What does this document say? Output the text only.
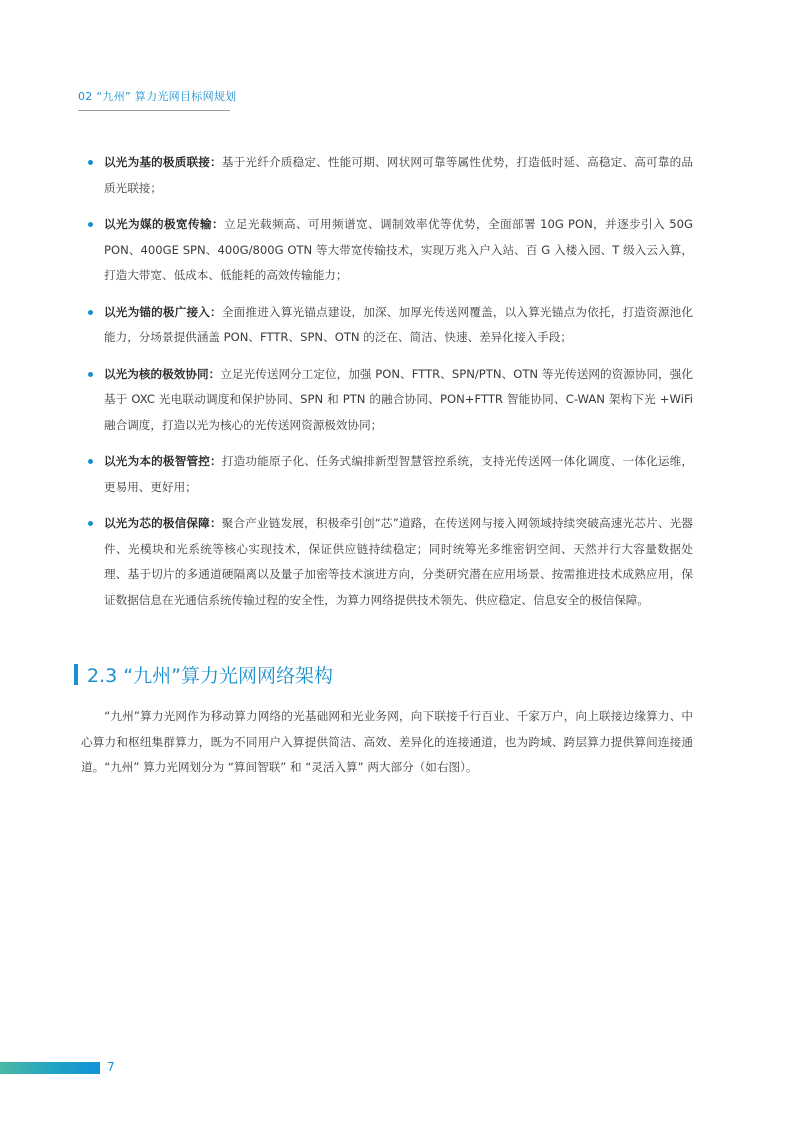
02 “九州” 算力光网目标网规划
以光为基的极质联接：基于光纤介质稳定、性能可期、网状网可靠等属性优势，打造低时延、高稳定、高可靠的品质光联接；
以光为媒的极宽传输：立足光载频高、可用频谱宽、调制效率优等优势，全面部署 10G PON，并逐步引入 50G PON、400GE SPN、400G/800G OTN 等大带宽传输技术，实现万兆入户入站、百 G 入楼入园、T 级入云入算，打造大带宽、低成本、低能耗的高效传输能力；
以光为锚的极广接入：全面推进入算光锚点建设，加深、加厚光传送网覆盖，以入算光锚点为依托，打造资源池化能力，分场景提供涵盖 PON、FTTR、SPN、OTN 的泛在、简洁、快速、差异化接入手段；
以光为核的极效协同：立足光传送网分工定位，加强 PON、FTTR、SPN/PTN、OTN 等光传送网的资源协同，强化基于 OXC 光电联动调度和保护协同、SPN 和 PTN 的融合协同、PON+FTTR 智能协同、C-WAN 架构下光 +WiFi 融合调度，打造以光为核心的光传送网资源极效协同；
以光为本的极智管控：打造功能原子化、任务式编排新型智慧管控系统，支持光传送网一体化调度、一体化运维，更易用、更好用；
以光为芯的极信保障：聚合产业链发展，积极牵引创“芯”道路，在传送网与接入网领域持续突破高速光芯片、光器件、光模块和光系统等核心实现技术，保证供应链持续稳定；同时统筹光多维密钥空间、天然并行大容量数据处理、基于切片的多通道硬隔离以及量子加密等技术演进方向，分类研究潜在应用场景、按需推进技术成熟应用，保证数据信息在光通信系统传输过程的安全性，为算力网络提供技术领先、供应稳定、信息安全的极信保障。
2.3 “九州”算力光网网络架构

“九州”算力光网作为移动算力网络的光基础网和光业务网，向下联接千行百业、千家万户，向上联接边缘算力、中心算力和枢纽集群算力，既为不同用户入算提供简洁、高效、差异化的连接通道，也为跨域、跨层算力提供算间连接通道。“九州” 算力光网划分为 “算间智联” 和 “灵活入算” 两大部分（如右图）。

7
